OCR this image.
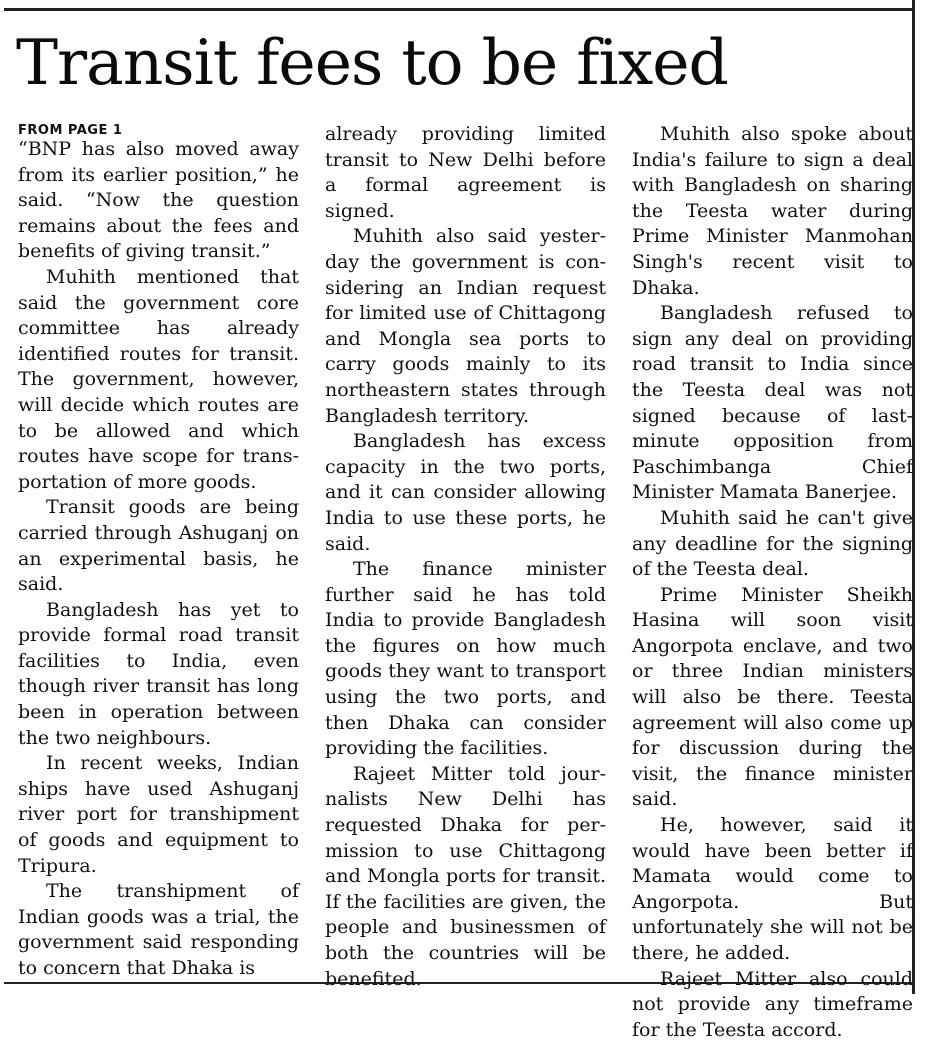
Transit fees to be fixed
FROM PAGE 1

“BNP has also moved away from its earlier position,” he said. “Now the question remains about the fees and benefits of giving transit.”

Muhith mentioned that said the government core committee has already identified routes for transit. The government, however, will decide which routes are to be allowed and which routes have scope for transportation of more goods.

Transit goods are being carried through Ashuganj on an experimental basis, he said.

Bangladesh has yet to provide formal road transit facilities to India, even though river transit has long been in operation between the two neighbours.

In recent weeks, Indian ships have used Ashuganj river port for transhipment of goods and equipment to Tripura.

The transhipment of Indian goods was a trial, the government said responding to concern that Dhaka is

already providing limited transit to New Delhi before a formal agreement is signed.

Muhith also said yesterday the government is considering an Indian request for limited use of Chittagong and Mongla sea ports to carry goods mainly to its northeastern states through Bangladesh territory.

Bangladesh has excess capacity in the two ports, and it can consider allowing India to use these ports, he said.

The finance minister further said he has told India to provide Bangladesh the figures on how much goods they want to transport using the two ports, and then Dhaka can consider providing the facilities.

Rajeet Mitter told journalists New Delhi has requested Dhaka for permission to use Chittagong and Mongla ports for transit. If the facilities are given, the people and businessmen of both the countries will be benefited.

Muhith also spoke about India's failure to sign a deal with Bangladesh on sharing the Teesta water during Prime Minister Manmohan Singh's recent visit to Dhaka.

Bangladesh refused to sign any deal on providing road transit to India since the Teesta deal was not signed because of last-minute opposition from Paschimbanga Chief Minister Mamata Banerjee.

Muhith said he can't give any deadline for the signing of the Teesta deal.

Prime Minister Sheikh Hasina will soon visit Angorpota enclave, and two or three Indian ministers will also be there. Teesta agreement will also come up for discussion during the visit, the finance minister said.

He, however, said it would have been better if Mamata would come to Angorpota. But unfortunately she will not be there, he added.

Rajeet Mitter also could not provide any timeframe for the Teesta accord.
